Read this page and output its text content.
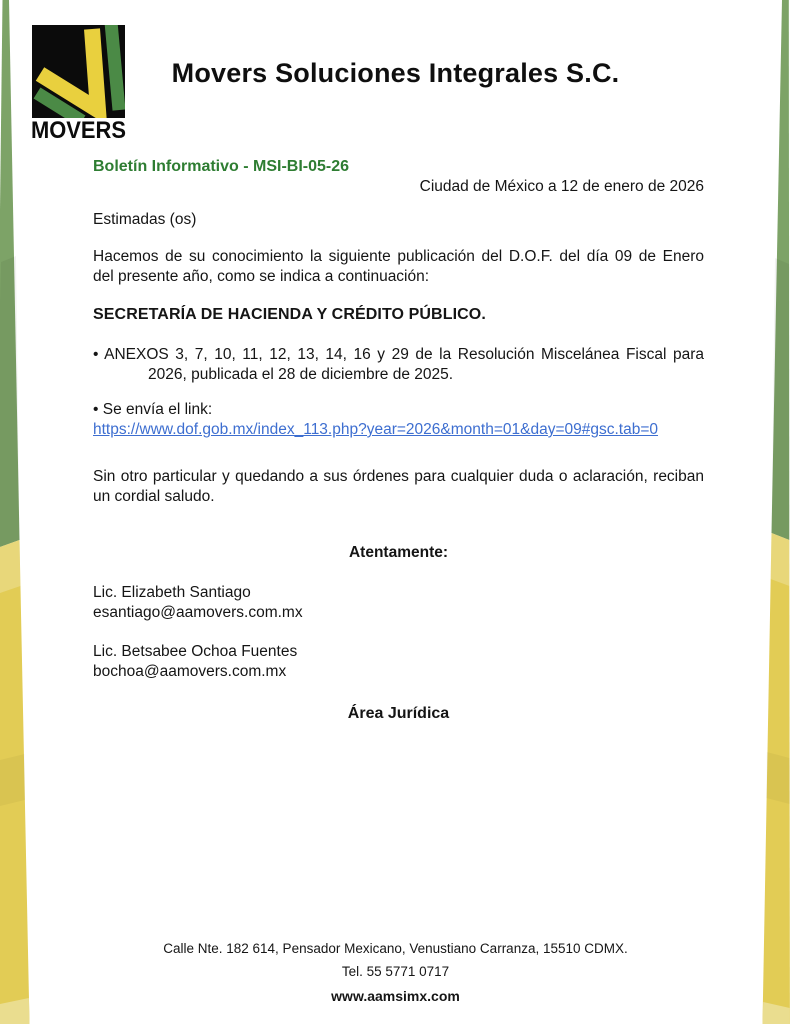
MOVERS
Movers Soluciones Integrales S.C.
Boletín Informativo - MSI-BI-05-26
Ciudad de México a 12 de enero de 2026

Estimadas (os)

Hacemos de su conocimiento la siguiente publicación del D.O.F. del día 09 de Enero
del presente año, como se indica a continuación:

SECRETARÍA DE HACIENDA Y CRÉDITO PÚBLICO.

• ANEXOS 3, 7, 10, 11, 12, 13, 14, 16 y 29 de la Resolución Miscelánea Fiscal para
2026, publicada el 28 de diciembre de 2025.

• Se envía el link:
https://www.dof.gob.mx/index_113.php?year=2026&month=01&day=09#gsc.tab=0

Sin otro particular y quedando a sus órdenes para cualquier duda o aclaración, reciban
un cordial saludo.

Atentamente:

Lic. Elizabeth Santiago
esantiago@aamovers.com.mx

Lic. Betsabee Ochoa Fuentes
bochoa@aamovers.com.mx

Área Jurídica

Calle Nte. 182 614, Pensador Mexicano, Venustiano Carranza, 15510 CDMX.
Tel. 55 5771 0717
www.aamsimx.com
